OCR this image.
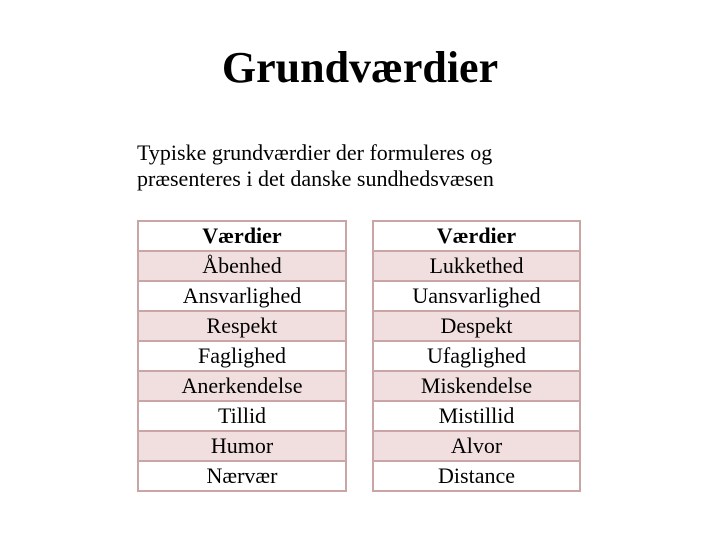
Grundværdier
Typiske grundværdier der formuleres og
præsenteres i det danske sundhedsvæsen
Værdier
Åbenhed
Ansvarlighed
Respekt
Faglighed
Anerkendelse
Tillid
Humor
Nærvær
Værdier
Lukkethed
Uansvarlighed
Despekt
Ufaglighed
Miskendelse
Mistillid
Alvor
Distance
